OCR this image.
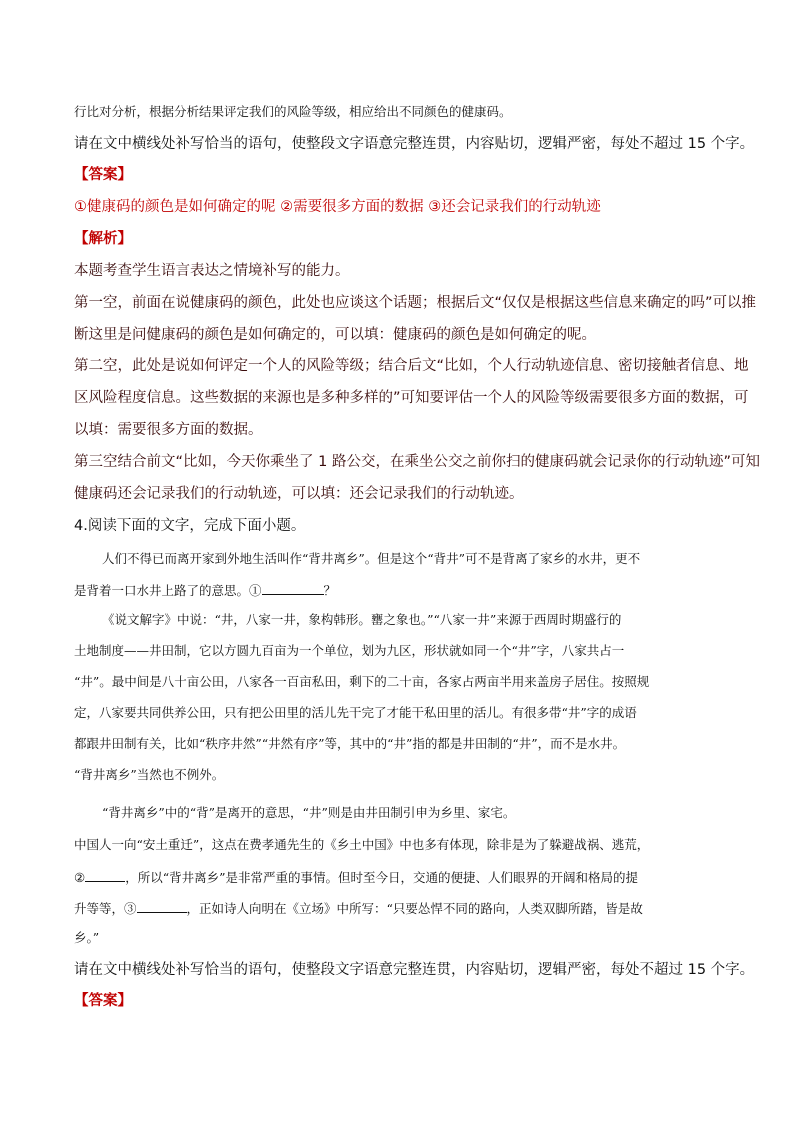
行比对分析，根据分析结果评定我们的风险等级，相应给出不同颜色的健康码。
请在文中横线处补写恰当的语句，使整段文字语意完整连贯，内容贴切，逻辑严密，每处不超过 15 个字。
【答案】
①健康码的颜色是如何确定的呢 ②需要很多方面的数据 ③还会记录我们的行动轨迹
【解析】
本题考查学生语言表达之情境补写的能力。
第一空，前面在说健康码的颜色，此处也应谈这个话题；根据后文“仅仅是根据这些信息来确定的吗”可以推
断这里是问健康码的颜色是如何确定的，可以填：健康码的颜色是如何确定的呢。
第二空，此处是说如何评定一个人的风险等级；结合后文“比如，个人行动轨迹信息、密切接触者信息、地
区风险程度信息。这些数据的来源也是多种多样的”可知要评估一个人的风险等级需要很多方面的数据，可
以填：需要很多方面的数据。
第三空结合前文“比如，今天你乘坐了 1 路公交，在乘坐公交之前你扫的健康码就会记录你的行动轨迹”可知
健康码还会记录我们的行动轨迹，可以填：还会记录我们的行动轨迹。
4.阅读下面的文字，完成下面小题。
人们不得已而离开家到外地生活叫作“背井离乡”。但是这个“背井”可不是背离了家乡的水井，更不
是背着一口水井上路了的意思。①	？
《说文解字》中说：“井，八家一井，象构韩形。罋之象也。”“八家一井”来源于西周时期盛行的
土地制度——井田制，它以方圆九百亩为一个单位，划为九区，形状就如同一个“井”字，八家共占一
“井”。最中间是八十亩公田，八家各一百亩私田，剩下的二十亩，各家占两亩半用来盖房子居住。按照规
定，八家要共同供养公田，只有把公田里的活儿先干完了才能干私田里的活儿。有很多带“井”字的成语
都跟井田制有关，比如“秩序井然”“井然有序”等，其中的“井”指的都是井田制的“井”，而不是水井。
“背井离乡”当然也不例外。
“背井离乡”中的“背”是离开的意思，“井”则是由井田制引申为乡里、家宅。
中国人一向“安土重迁”，这点在费孝通先生的《乡土中国》中也多有体现，除非是为了躲避战祸、逃荒，
②	，所以“背井离乡”是非常严重的事情。但时至今日，交通的便捷、人们眼界的开阔和格局的提
升等等，③	，正如诗人向明在《立场》中所写：“只要怂悍不同的路向，人类双脚所踏，皆是故
乡。”
请在文中横线处补写恰当的语句，使整段文字语意完整连贯，内容贴切，逻辑严密，每处不超过 15 个字。
【答案】
